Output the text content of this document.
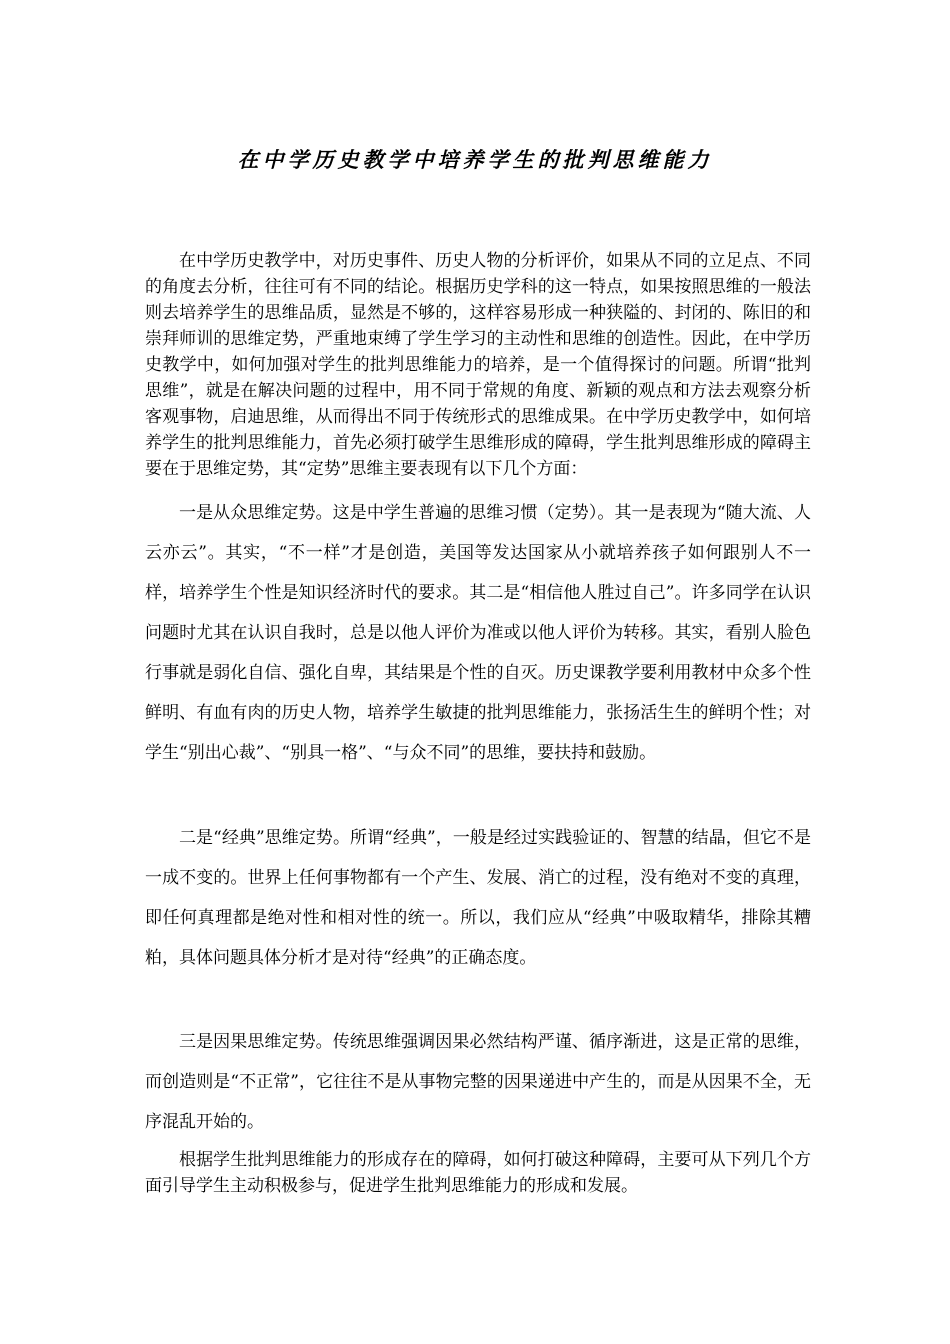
在中学历史教学中培养学生的批判思维能力

在中学历史教学中，对历史事件、历史人物的分析评价，如果从不同的立足点、不同的角度去分析，往往可有不同的结论。根据历史学科的这一特点，如果按照思维的一般法则去培养学生的思维品质，显然是不够的，这样容易形成一种狭隘的、封闭的、陈旧的和崇拜师训的思维定势，严重地束缚了学生学习的主动性和思维的创造性。因此，在中学历史教学中，如何加强对学生的批判思维能力的培养，是一个值得探讨的问题。所谓“批判思维”，就是在解决问题的过程中，用不同于常规的角度、新颖的观点和方法去观察分析客观事物，启迪思维，从而得出不同于传统形式的思维成果。在中学历史教学中，如何培养学生的批判思维能力，首先必须打破学生思维形成的障碍，学生批判思维形成的障碍主要在于思维定势，其“定势”思维主要表现有以下几个方面：

一是从众思维定势。这是中学生普遍的思维习惯（定势）。其一是表现为“随大流、人云亦云”。其实，“不一样”才是创造，美国等发达国家从小就培养孩子如何跟别人不一样，培养学生个性是知识经济时代的要求。其二是“相信他人胜过自己”。许多同学在认识问题时尤其在认识自我时，总是以他人评价为准或以他人评价为转移。其实，看别人脸色行事就是弱化自信、强化自卑，其结果是个性的自灭。历史课教学要利用教材中众多个性鲜明、有血有肉的历史人物，培养学生敏捷的批判思维能力，张扬活生生的鲜明个性；对学生“别出心裁”、“别具一格”、“与众不同”的思维，要扶持和鼓励。

二是“经典”思维定势。所谓“经典”，一般是经过实践验证的、智慧的结晶，但它不是一成不变的。世界上任何事物都有一个产生、发展、消亡的过程，没有绝对不变的真理，即任何真理都是绝对性和相对性的统一。所以，我们应从“经典”中吸取精华，排除其糟粕，具体问题具体分析才是对待“经典”的正确态度。

三是因果思维定势。传统思维强调因果必然结构严谨、循序渐进，这是正常的思维，而创造则是“不正常”，它往往不是从事物完整的因果递进中产生的，而是从因果不全，无序混乱开始的。

根据学生批判思维能力的形成存在的障碍，如何打破这种障碍，主要可从下列几个方面引导学生主动积极参与，促进学生批判思维能力的形成和发展。
